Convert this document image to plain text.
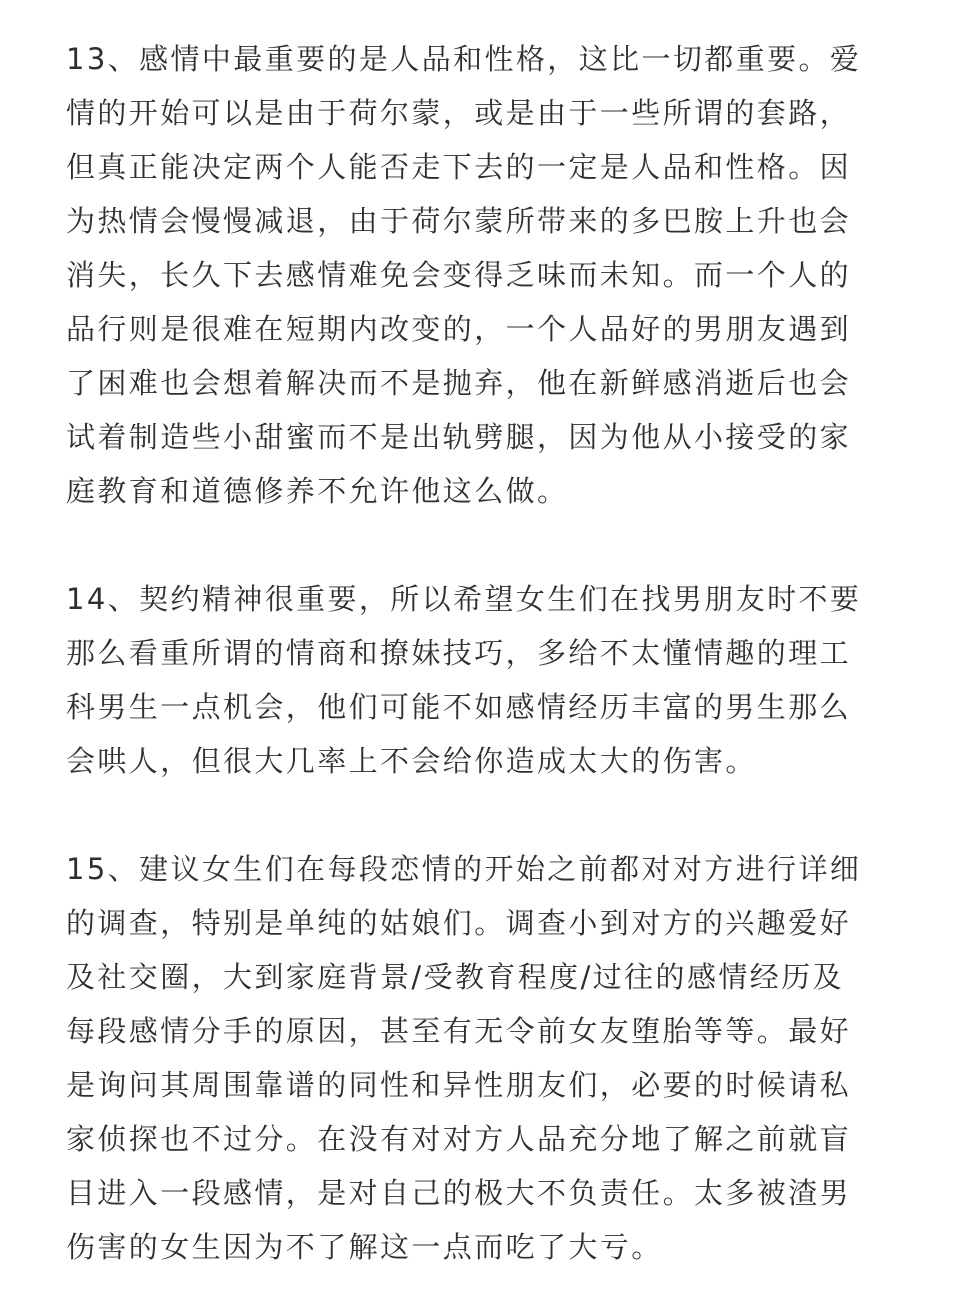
13、感情中最重要的是人品和性格，这比一切都重要。爱
情的开始可以是由于荷尔蒙，或是由于一些所谓的套路，
但真正能决定两个人能否走下去的一定是人品和性格。因
为热情会慢慢减退，由于荷尔蒙所带来的多巴胺上升也会
消失，长久下去感情难免会变得乏味而未知。而一个人的
品行则是很难在短期内改变的，一个人品好的男朋友遇到
了困难也会想着解决而不是抛弃，他在新鲜感消逝后也会
试着制造些小甜蜜而不是出轨劈腿，因为他从小接受的家
庭教育和道德修养不允许他这么做。

14、契约精神很重要，所以希望女生们在找男朋友时不要
那么看重所谓的情商和撩妹技巧，多给不太懂情趣的理工
科男生一点机会，他们可能不如感情经历丰富的男生那么
会哄人，但很大几率上不会给你造成太大的伤害。

15、建议女生们在每段恋情的开始之前都对对方进行详细
的调查，特别是单纯的姑娘们。调查小到对方的兴趣爱好
及社交圈，大到家庭背景/受教育程度/过往的感情经历及
每段感情分手的原因，甚至有无令前女友堕胎等等。最好
是询问其周围靠谱的同性和异性朋友们，必要的时候请私
家侦探也不过分。在没有对对方人品充分地了解之前就盲
目进入一段感情，是对自己的极大不负责任。太多被渣男
伤害的女生因为不了解这一点而吃了大亏。
